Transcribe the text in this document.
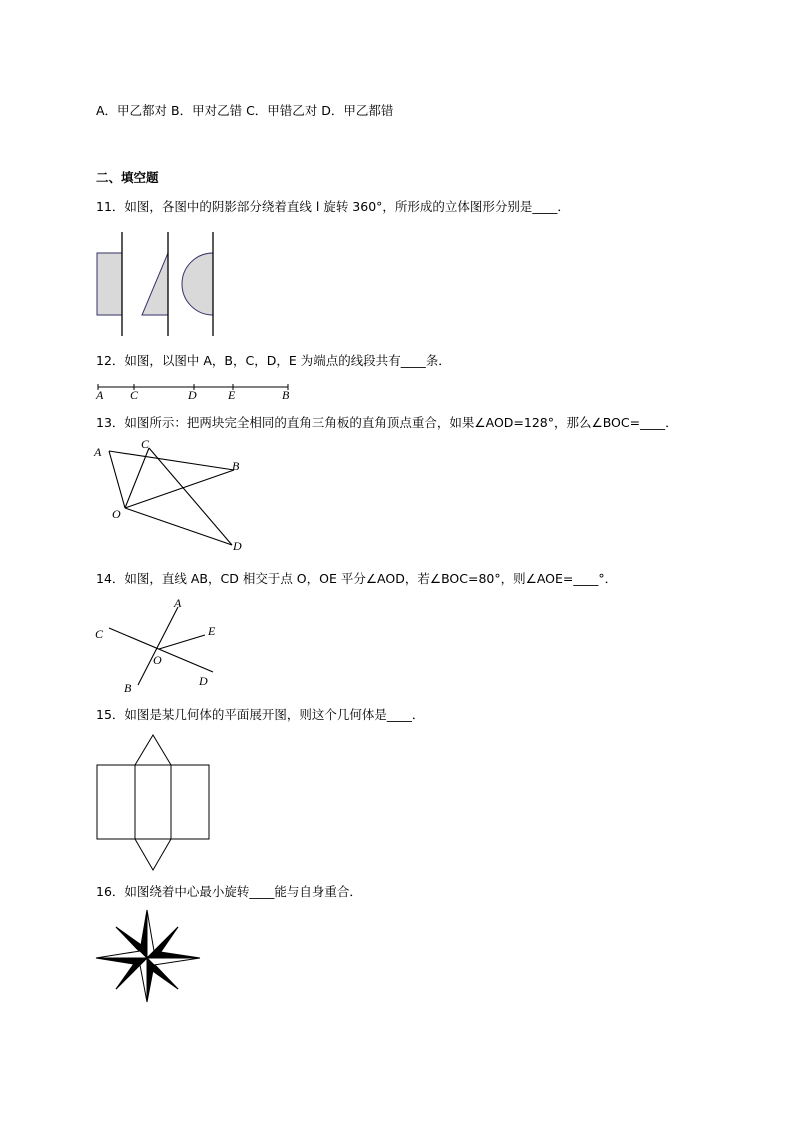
A．甲乙都对 B．甲对乙错 C．甲错乙对 D．甲乙都错
二、填空题
11．如图，各图中的阴影部分绕着直线 l 旋转 360°，所形成的立体图形分别是____．
12．如图，以图中 A，B，C，D，E 为端点的线段共有____条．
A C	D	E	B
13．如图所示：把两块完全相同的直角三角板的直角顶点重合，如果∠AOD=128°，那么∠BOC=____．
A
C
B
O
D
14．如图，直线 AB，CD 相交于点 O，OE 平分∠AOD，若∠BOC=80°，则∠AOE=____°．
A
C	E
O
B	D
15．如图是某几何体的平面展开图，则这个几何体是____．
16．如图绕着中心最小旋转____能与自身重合．
